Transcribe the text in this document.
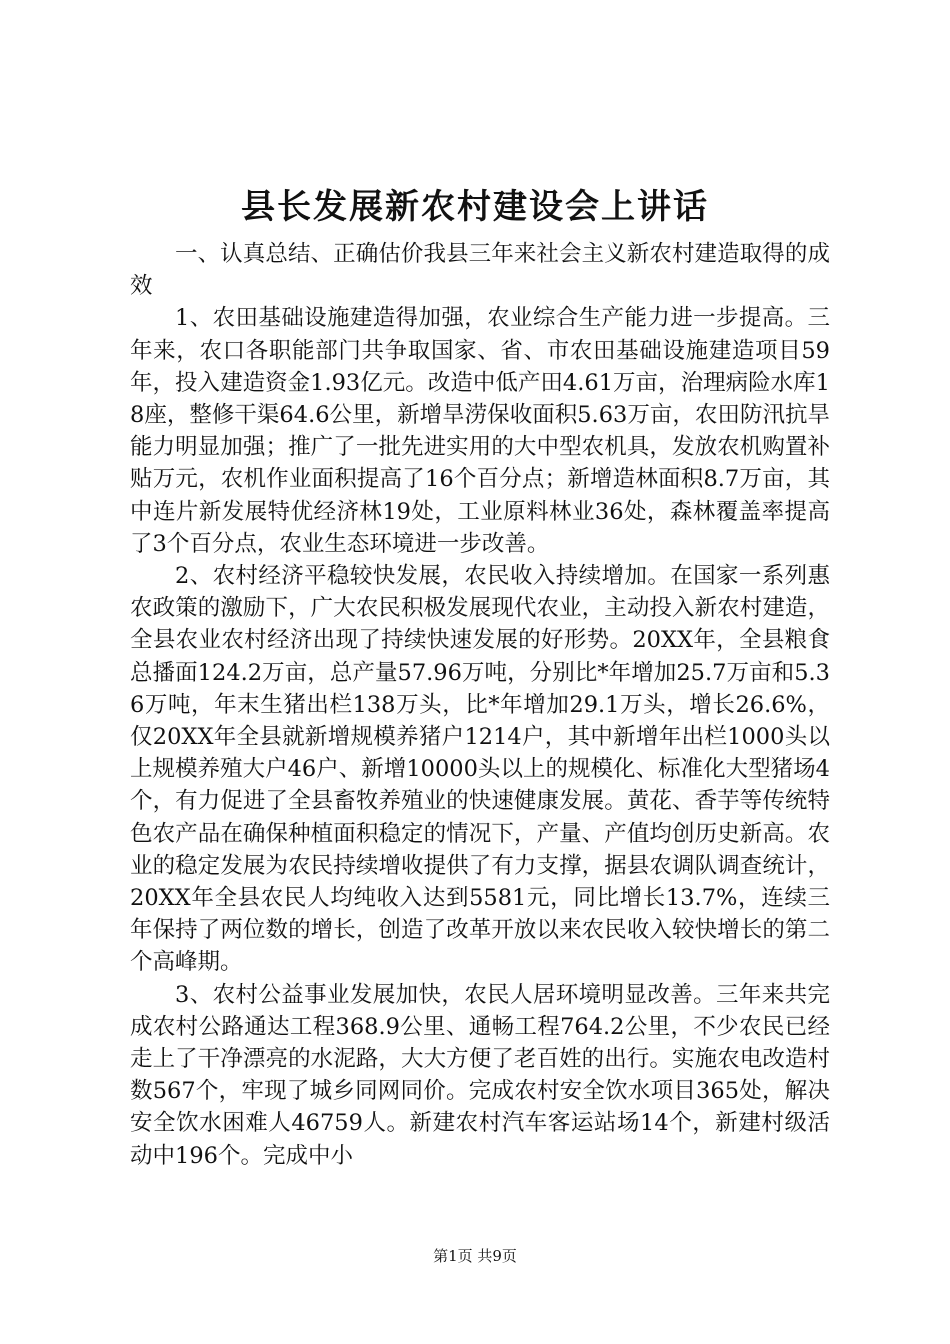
县长发展新农村建设会上讲话

一、认真总结、正确估价我县三年来社会主义新农村建造取得的成效

1、农田基础设施建造得加强，农业综合生产能力进一步提高。三年来，农口各职能部门共争取国家、省、市农田基础设施建造项目59年，投入建造资金1.93亿元。改造中低产田4.61万亩，治理病险水库18座，整修干渠64.6公里，新增旱涝保收面积5.63万亩，农田防汛抗旱能力明显加强；推广了一批先进实用的大中型农机具，发放农机购置补贴万元，农机作业面积提高了16个百分点；新增造林面积8.7万亩，其中连片新发展特优经济林19处，工业原料林业36处，森林覆盖率提高了3个百分点，农业生态环境进一步改善。

2、农村经济平稳较快发展，农民收入持续增加。在国家一系列惠农政策的激励下，广大农民积极发展现代农业，主动投入新农村建造，全县农业农村经济出现了持续快速发展的好形势。20XX年，全县粮食总播面124.2万亩，总产量57.96万吨，分别比*年增加25.7万亩和5.36万吨，年末生猪出栏138万头，比*年增加29.1万头，增长26.6%，仅20XX年全县就新增规模养猪户1214户，其中新增年出栏1000头以上规模养殖大户46户、新增10000头以上的规模化、标准化大型猪场4个，有力促进了全县畜牧养殖业的快速健康发展。黄花、香芋等传统特色农产品在确保种植面积稳定的情况下，产量、产值均创历史新高。农业的稳定发展为农民持续增收提供了有力支撑，据县农调队调查统计，20XX年全县农民人均纯收入达到5581元，同比增长13.7%，连续三年保持了两位数的增长，创造了改革开放以来农民收入较快增长的第二个高峰期。

3、农村公益事业发展加快，农民人居环境明显改善。三年来共完成农村公路通达工程368.9公里、通畅工程764.2公里，不少农民已经走上了干净漂亮的水泥路，大大方便了老百姓的出行。实施农电改造村数567个，牢现了城乡同网同价。完成农村安全饮水项目365处，解决安全饮水困难人46759人。新建农村汽车客运站场14个，新建村级活动中196个。完成中小

第1页 共9页
